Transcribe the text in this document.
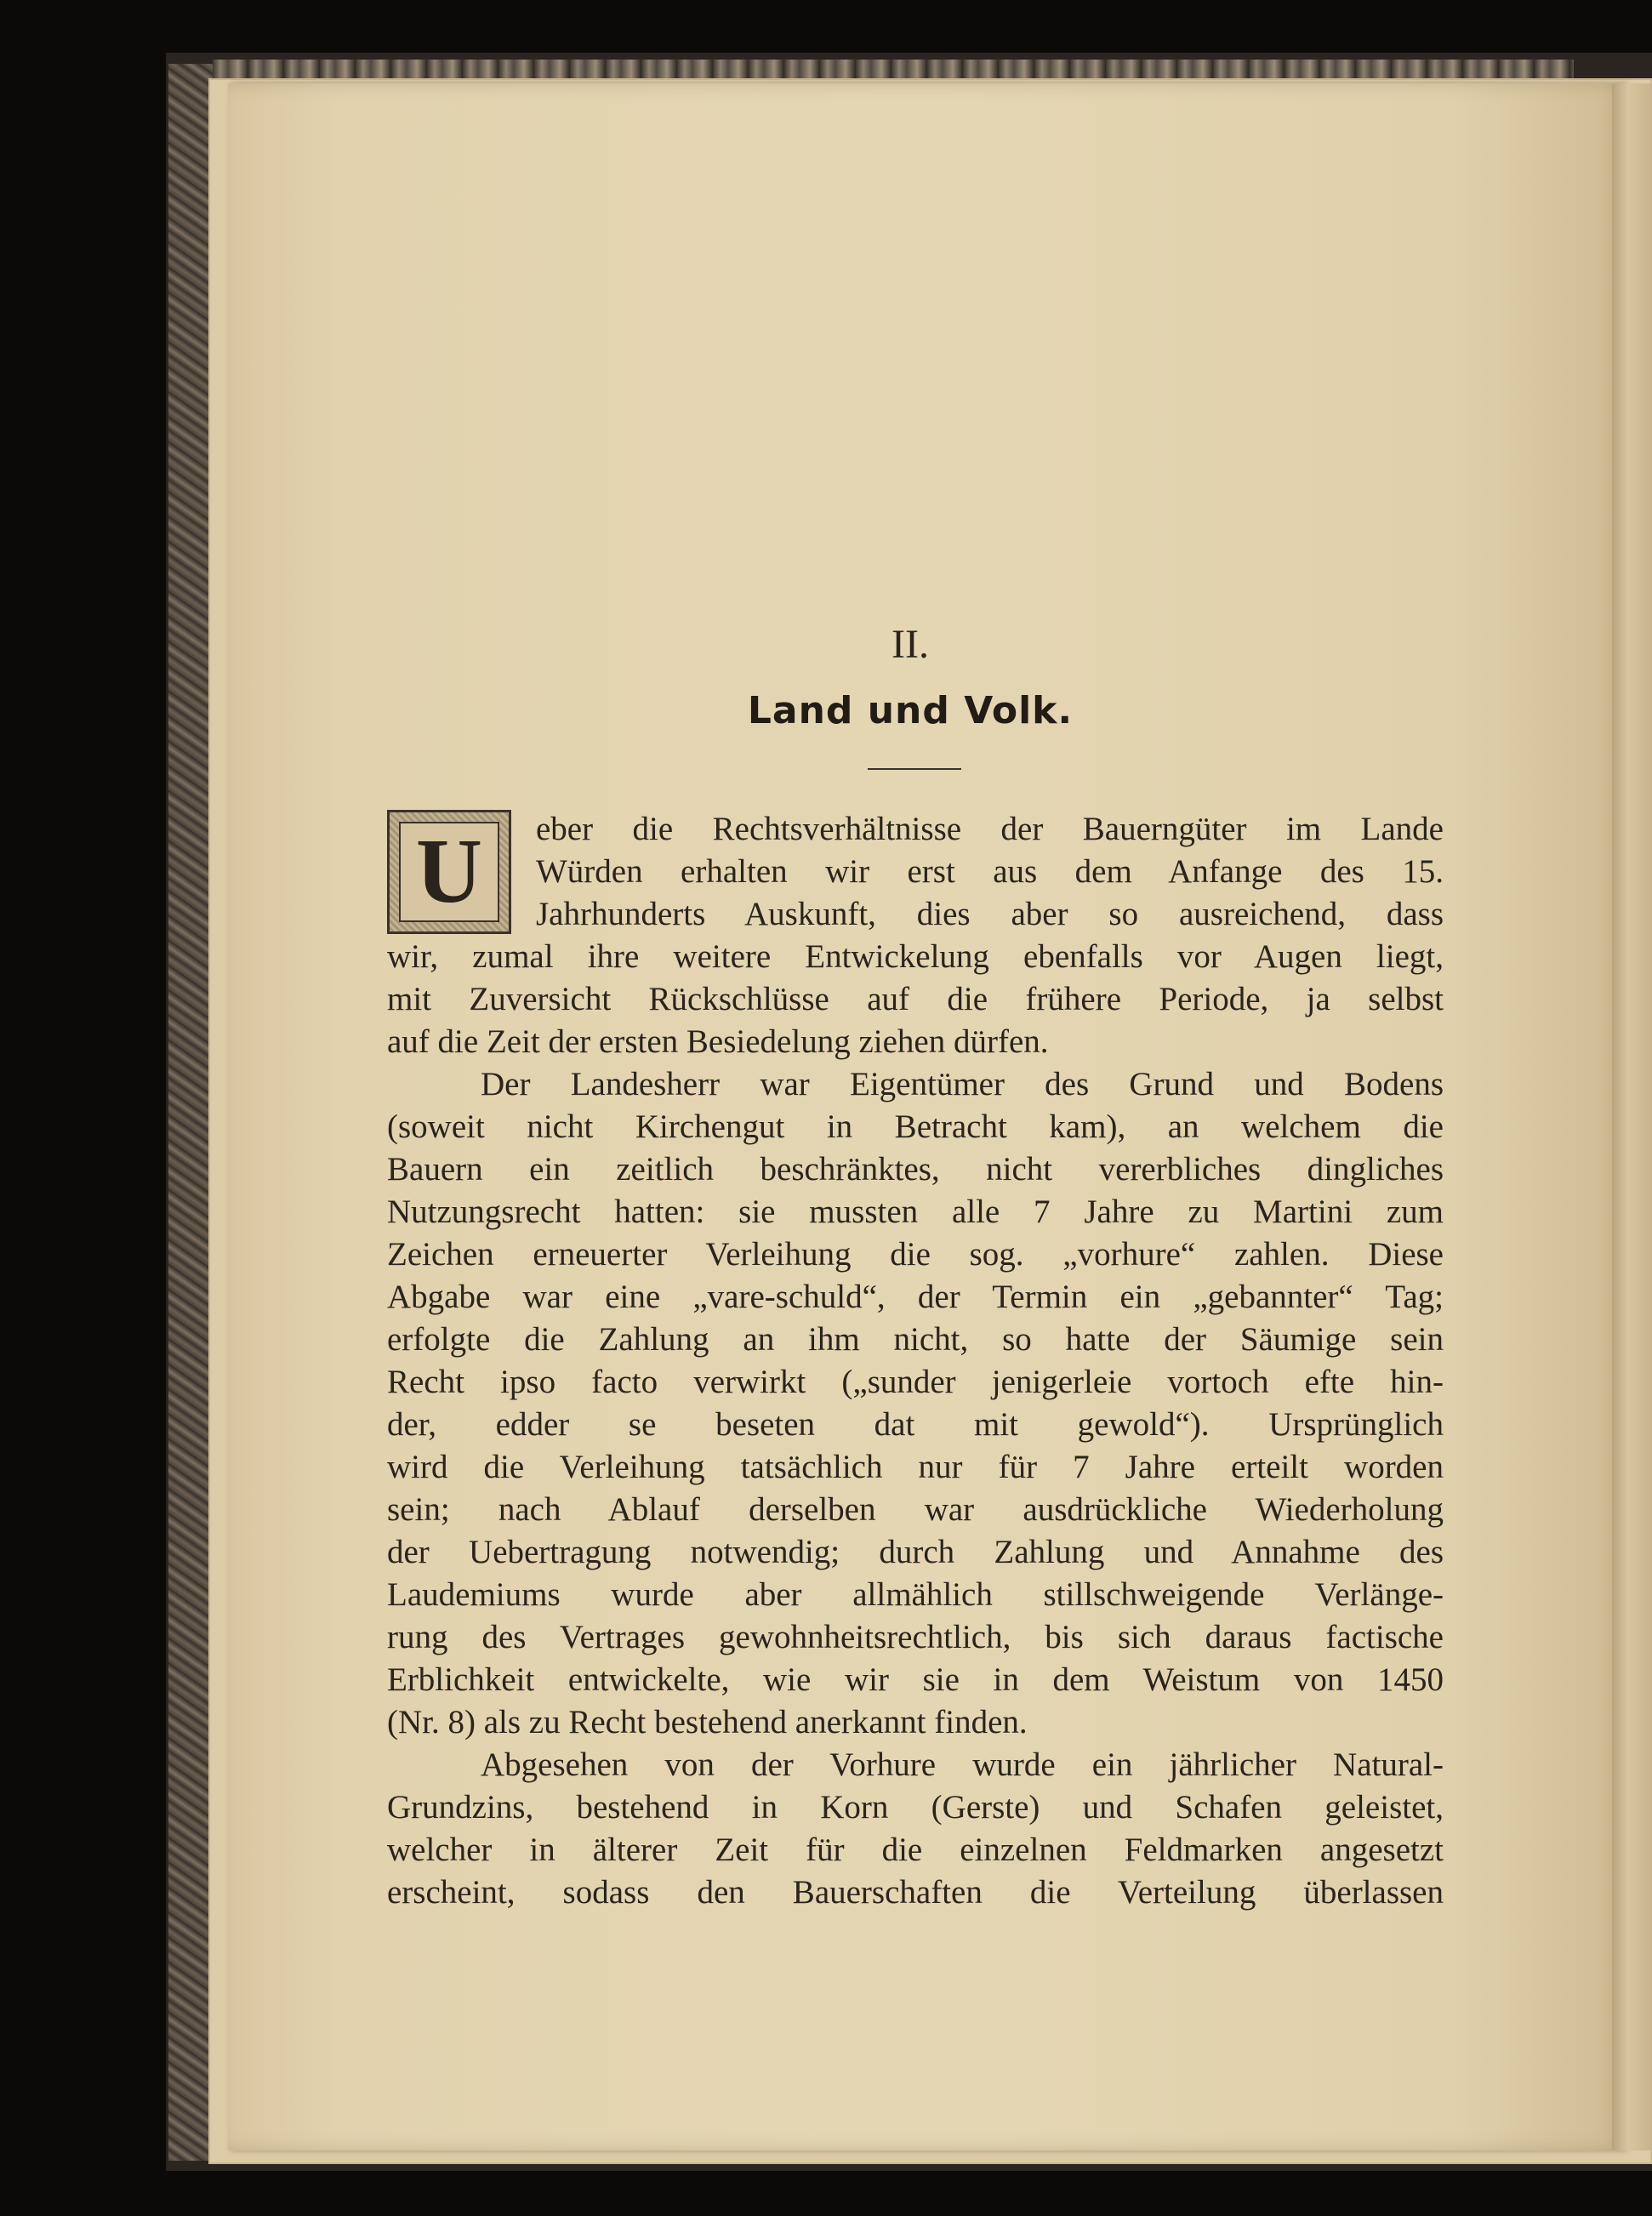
II.
Land und Volk.
U	eber die Rechtsverhältnisse der Bauerngüter im Lande
Würden erhalten wir erst aus dem Anfange des 15.
Jahrhunderts Auskunft, dies aber so ausreichend, dass
wir, zumal ihre weitere Entwickelung ebenfalls vor Augen liegt,
mit Zuversicht Rückschlüsse auf die frühere Periode, ja selbst
auf die Zeit der ersten Besiedelung ziehen dürfen.
Der Landesherr war Eigentümer des Grund und Bodens
(soweit nicht Kirchengut in Betracht kam), an welchem die
Bauern ein zeitlich beschränktes, nicht vererbliches dingliches
Nutzungsrecht hatten: sie mussten alle 7 Jahre zu Martini zum
Zeichen erneuerter Verleihung die sog. „vorhure“ zahlen. Diese
Abgabe war eine „vare-schuld“, der Termin ein „gebannter“ Tag;
erfolgte die Zahlung an ihm nicht, so hatte der Säumige sein
Recht ipso facto verwirkt („sunder jenigerleie vortoch efte hin-
der, edder se beseten dat mit gewold“). Ursprünglich
wird die Verleihung tatsächlich nur für 7 Jahre erteilt worden
sein; nach Ablauf derselben war ausdrückliche Wiederholung
der Uebertragung notwendig; durch Zahlung und Annahme des
Laudemiums wurde aber allmählich stillschweigende Verlänge-
rung des Vertrages gewohnheitsrechtlich, bis sich daraus factische
Erblichkeit entwickelte, wie wir sie in dem Weistum von 1450
(Nr. 8) als zu Recht bestehend anerkannt finden.
Abgesehen von der Vorhure wurde ein jährlicher Natural-
Grundzins, bestehend in Korn (Gerste) und Schafen geleistet,
welcher in älterer Zeit für die einzelnen Feldmarken angesetzt
erscheint, sodass den Bauerschaften die Verteilung überlassen
